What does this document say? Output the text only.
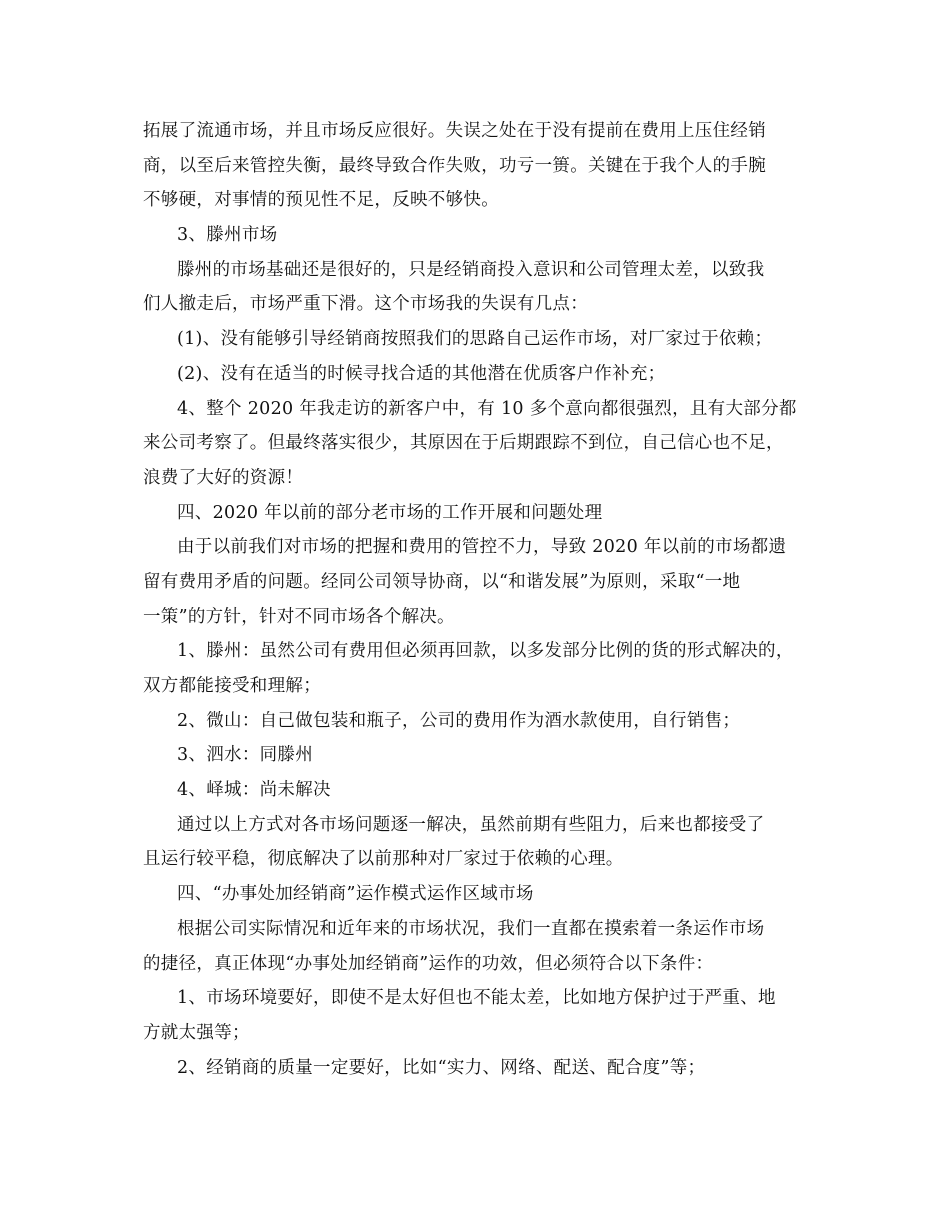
拓展了流通市场，并且市场反应很好。失误之处在于没有提前在费用上压住经销
商，以至后来管控失衡，最终导致合作失败，功亏一篑。关键在于我个人的手腕
不够硬，对事情的预见性不足，反映不够快。
3、滕州市场
滕州的市场基础还是很好的，只是经销商投入意识和公司管理太差，以致我
们人撤走后，市场严重下滑。这个市场我的失误有几点：
(1)、没有能够引导经销商按照我们的思路自己运作市场，对厂家过于依赖；
(2)、没有在适当的时候寻找合适的其他潜在优质客户作补充；
4、整个 2020 年我走访的新客户中，有 10 多个意向都很强烈，且有大部分都
来公司考察了。但最终落实很少，其原因在于后期跟踪不到位，自己信心也不足，
浪费了大好的资源！
四、2020 年以前的部分老市场的工作开展和问题处理
由于以前我们对市场的把握和费用的管控不力，导致 2020 年以前的市场都遗
留有费用矛盾的问题。经同公司领导协商，以“和谐发展”为原则，采取“一地
一策”的方针，针对不同市场各个解决。
1、滕州：虽然公司有费用但必须再回款，以多发部分比例的货的形式解决的，
双方都能接受和理解；
2、微山：自己做包装和瓶子，公司的费用作为酒水款使用，自行销售；
3、泗水：同滕州
4、峄城：尚未解决
通过以上方式对各市场问题逐一解决，虽然前期有些阻力，后来也都接受了
且运行较平稳，彻底解决了以前那种对厂家过于依赖的心理。
四、“办事处加经销商”运作模式运作区域市场
根据公司实际情况和近年来的市场状况，我们一直都在摸索着一条运作市场
的捷径，真正体现“办事处加经销商”运作的功效，但必须符合以下条件：
1、市场环境要好，即使不是太好但也不能太差，比如地方保护过于严重、地
方就太强等；
2、经销商的质量一定要好，比如“实力、网络、配送、配合度”等；
